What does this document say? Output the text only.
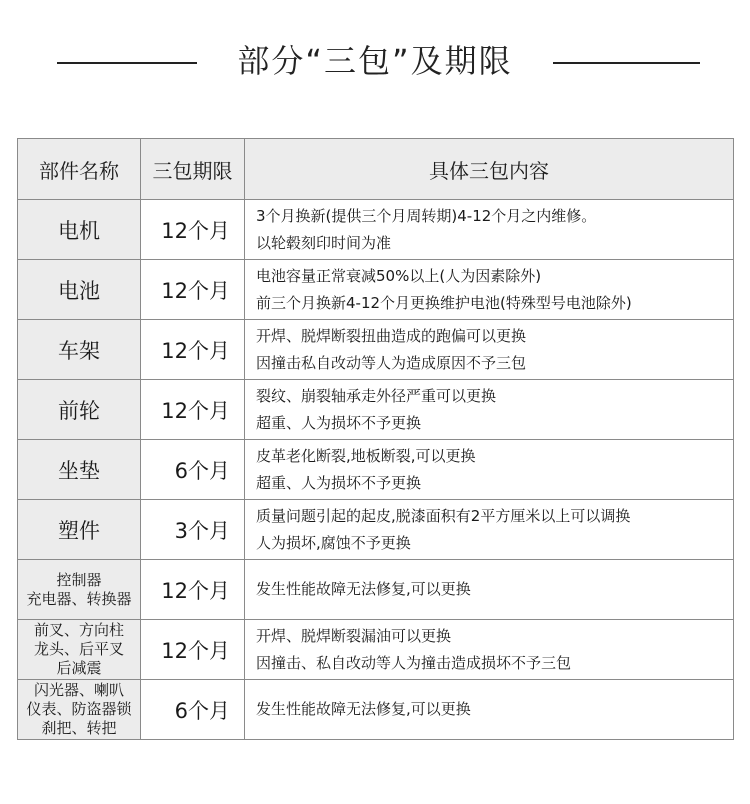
部分“三包”及期限
部件名称	三包期限	具体三包内容

电机	12个月	3个月换新(提供三个月周转期)4-12个月之内维修。
以轮毂刻印时间为准

电池	12个月	电池容量正常衰减50%以上(人为因素除外)
前三个月换新4-12个月更换维护电池(特殊型号电池除外)

车架	12个月	开焊、脱焊断裂扭曲造成的跑偏可以更换
因撞击私自改动等人为造成原因不予三包

前轮	12个月	裂纹、崩裂轴承走外径严重可以更换
超重、人为损坏不予更换

坐垫	6个月	皮革老化断裂,地板断裂,可以更换
超重、人为损坏不予更换

塑件	3个月	质量问题引起的起皮,脱漆面积有2平方厘米以上可以调换
人为损坏,腐蚀不予更换

控制器
充电器、转换器	12个月	发生性能故障无法修复,可以更换

前叉、方向柱
龙头、后平叉
后减震	12个月	开焊、脱焊断裂漏油可以更换
因撞击、私自改动等人为撞击造成损坏不予三包

闪光器、喇叭
仪表、防盗器锁
刹把、转把	6个月	发生性能故障无法修复,可以更换
